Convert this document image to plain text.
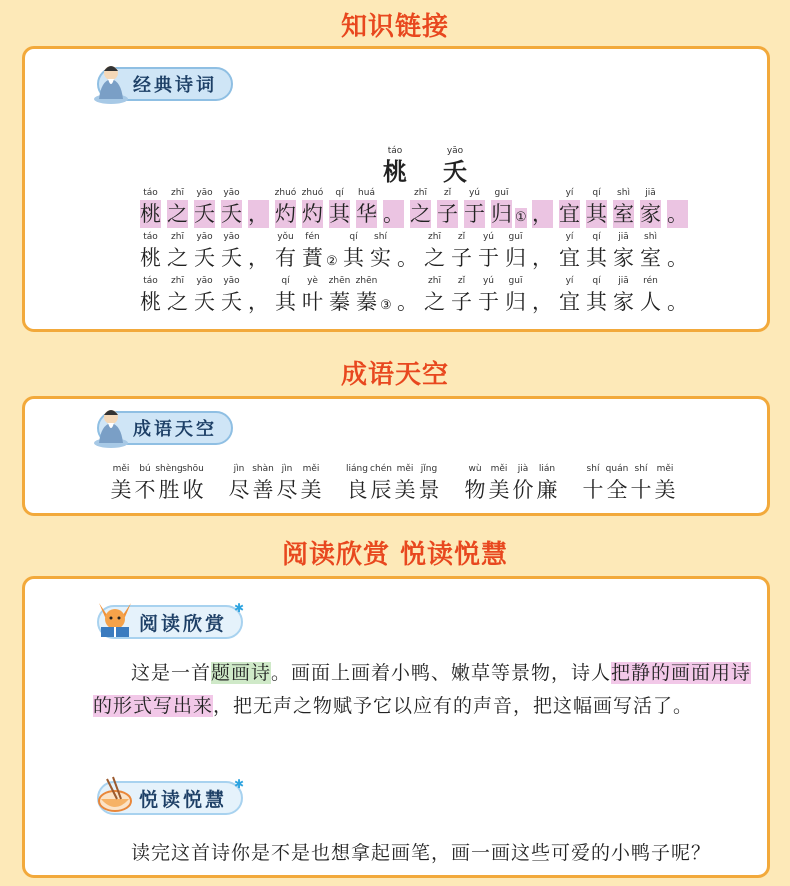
知识链接
经典诗词
táo
桃
yāo
夭
táo
桃
zhī
之
yāo
夭
yāo
夭 ，
zhuó
灼
zhuó
灼
qí
其
huá
华 。
zhī
之
zǐ
子
yú
于
guī
归 ① ，
yí
宜
qí
其
shì
室
jiā
家 。
táo
桃
zhī
之
yāo
夭
yāo
夭 ，
yǒu
有
fén
蕡 ②
qí
其
shí
实 。
zhī
之
zǐ
子
yú
于
guī
归 ，
yí
宜
qí
其
jiā
家
shì
室 。
táo
桃
zhī
之
yāo
夭
yāo
夭 ，
qí
其
yè
叶
zhēn
蓁
zhēn
蓁 ③ 。
zhī
之
zǐ
子
yú
于
guī
归 ，
yí
宜
qí
其
jiā
家
rén
人 。
成语天空
成语天空
měi
美
bú
不
shèng
胜
shōu
收
jìn
尽
shàn
善
jìn
尽
měi
美
liáng
良
chén
辰
měi
美
jǐng
景
wù
物
měi
美
jià
价
lián
廉
shí
十
quán
全
shí
十
měi
美
阅读欣赏 悦读悦慧
阅读欣赏
✱
这是一首题画诗。画面上画着小鸭、嫩草等景物，诗人把静的画面用诗的形式写出来，把无声之物赋予它以应有的声音，把这幅画写活了。
悦读悦慧
✱
读完这首诗你是不是也想拿起画笔，画一画这些可爱的小鸭子呢？
